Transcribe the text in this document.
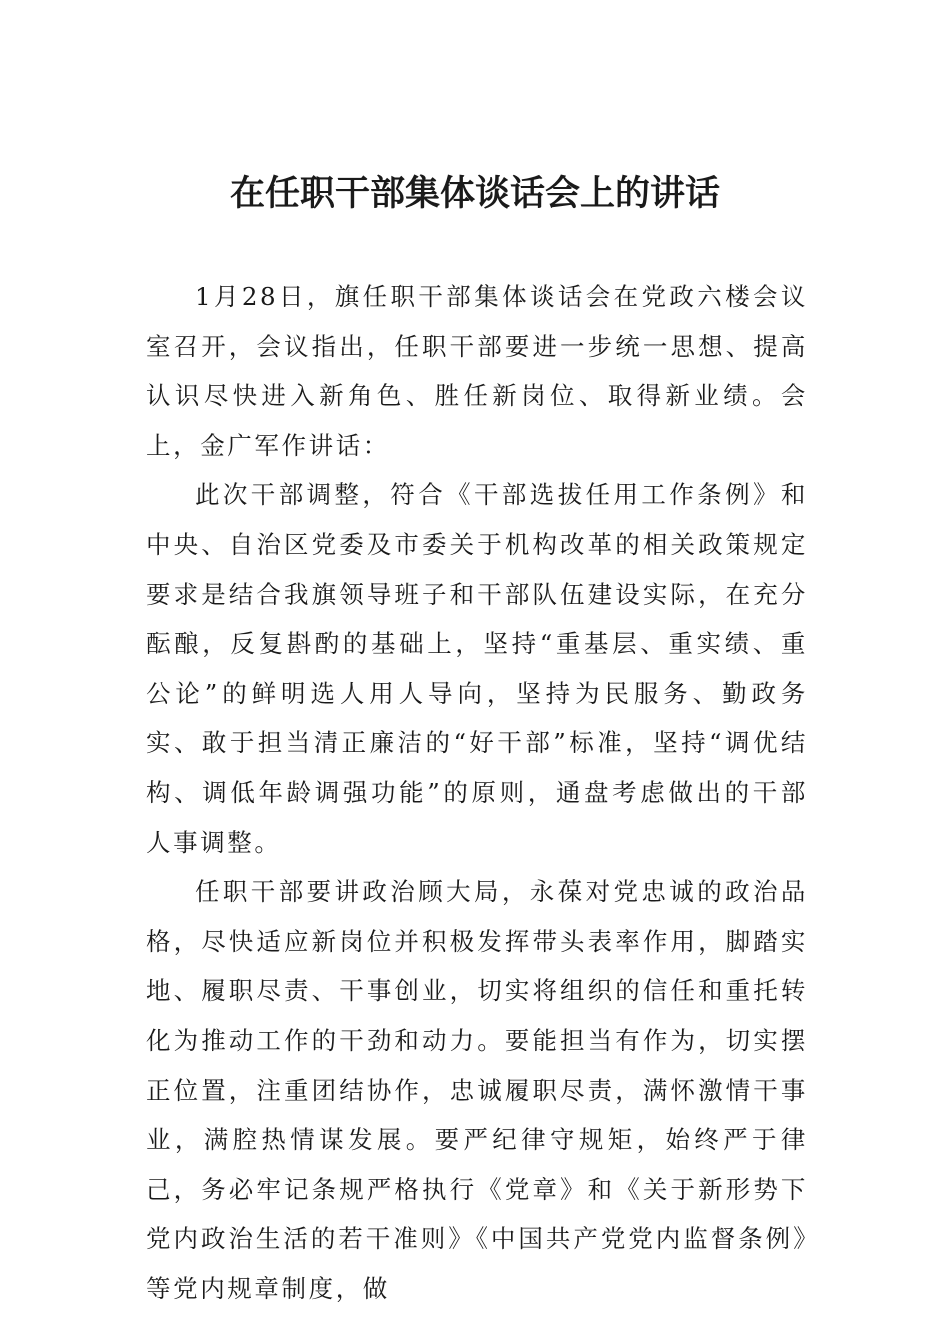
在任职干部集体谈话会上的讲话

1月28日，旗任职干部集体谈话会在党政六楼会议室召开，会议指出，任职干部要进一步统一思想、提高认识尽快进入新角色、胜任新岗位、取得新业绩。会上，金广军作讲话：

此次干部调整，符合《干部选拔任用工作条例》和中央、自治区党委及市委关于机构改革的相关政策规定要求是结合我旗领导班子和干部队伍建设实际，在充分酝酿，反复斟酌的基础上，坚持“重基层、重实绩、重公论”的鲜明选人用人导向，坚持为民服务、勤政务实、敢于担当清正廉洁的“好干部”标准，坚持“调优结构、调低年龄调强功能”的原则，通盘考虑做出的干部人事调整。

任职干部要讲政治顾大局，永葆对党忠诚的政治品格，尽快适应新岗位并积极发挥带头表率作用，脚踏实地、履职尽责、干事创业，切实将组织的信任和重托转化为推动工作的干劲和动力。要能担当有作为，切实摆正位置，注重团结协作，忠诚履职尽责，满怀激情干事业，满腔热情谋发展。要严纪律守规矩，始终严于律己，务必牢记条规严格执行《党章》和《关于新形势下党内政治生活的若干准则》《中国共产党党内监督条例》等党内规章制度，做
